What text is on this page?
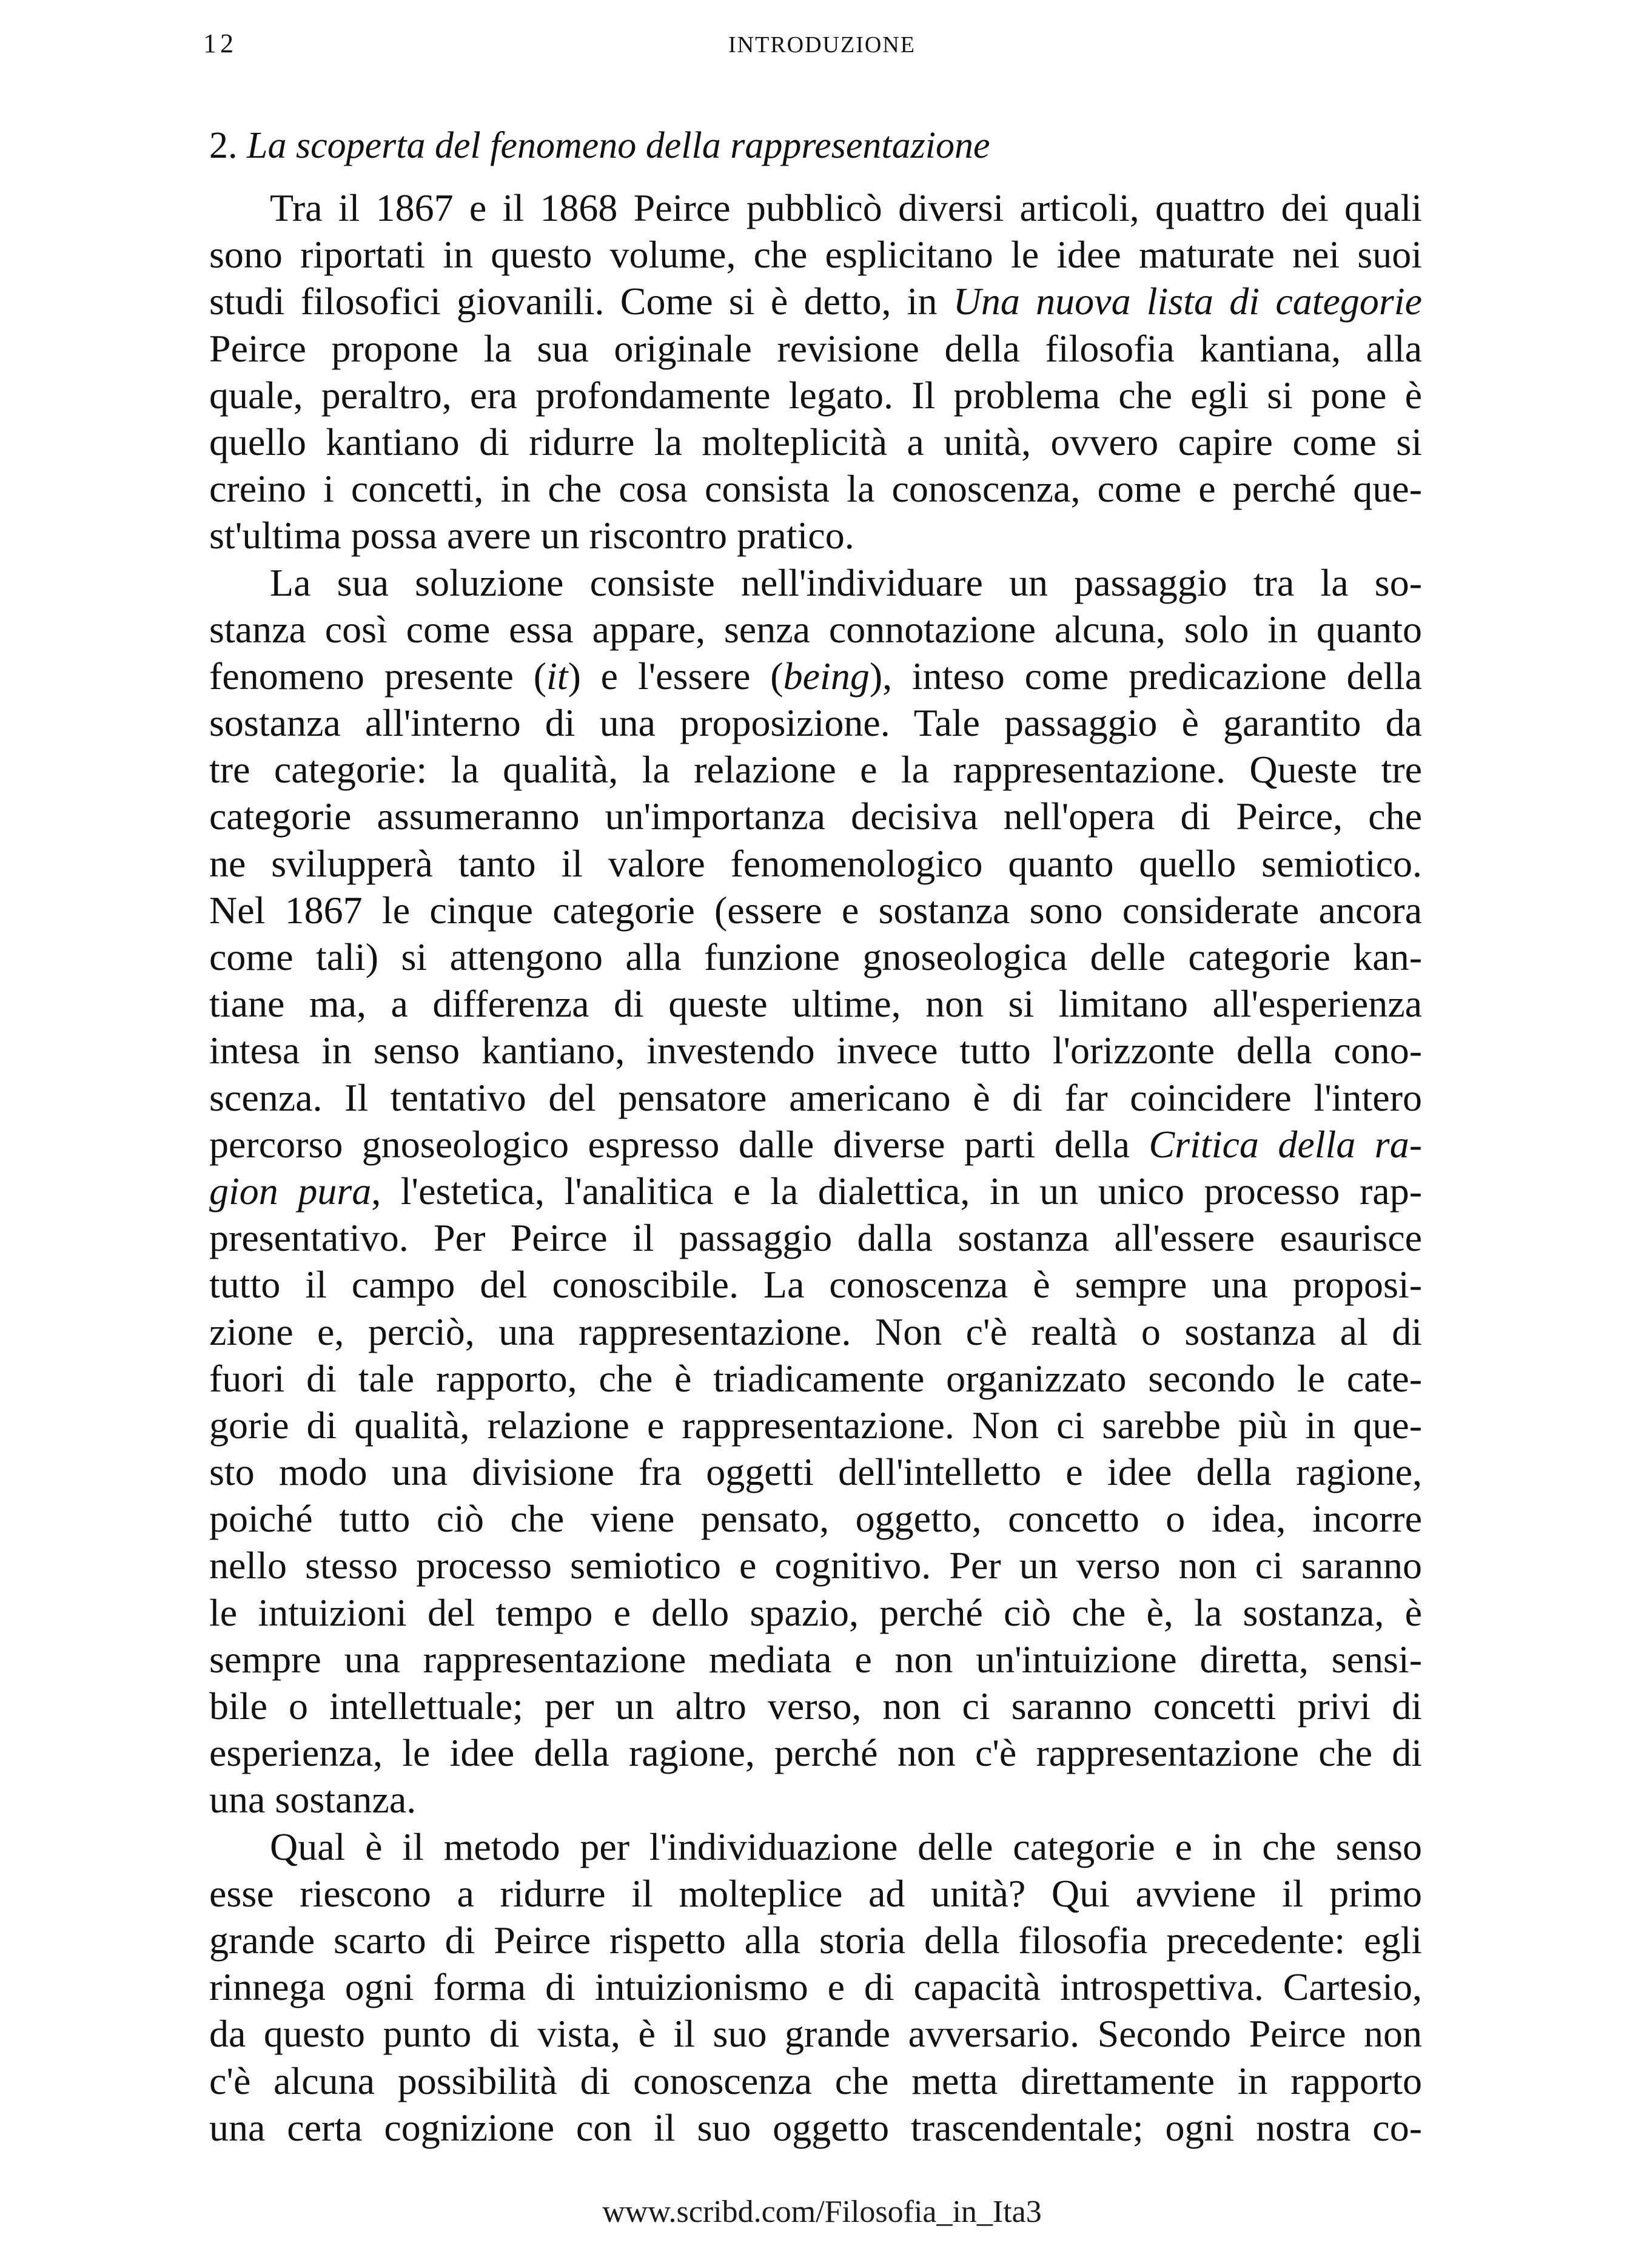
12	INTRODUZIONE
2. La scoperta del fenomeno della rappresentazione
Tra il 1867 e il 1868 Peirce pubblicò diversi articoli, quattro dei quali
sono riportati in questo volume, che esplicitano le idee maturate nei suoi
studi filosofici giovanili. Come si è detto, in Una nuova lista di categorie
Peirce propone la sua originale revisione della filosofia kantiana, alla
quale, peraltro, era profondamente legato. Il problema che egli si pone è
quello kantiano di ridurre la molteplicità a unità, ovvero capire come si
creino i concetti, in che cosa consista la conoscenza, come e perché que-
st'ultima possa avere un riscontro pratico.
La sua soluzione consiste nell'individuare un passaggio tra la so-
stanza così come essa appare, senza connotazione alcuna, solo in quanto
fenomeno presente (it) e l'essere (being), inteso come predicazione della
sostanza all'interno di una proposizione. Tale passaggio è garantito da
tre categorie: la qualità, la relazione e la rappresentazione. Queste tre
categorie assumeranno un'importanza decisiva nell'opera di Peirce, che
ne svilupperà tanto il valore fenomenologico quanto quello semiotico.
Nel 1867 le cinque categorie (essere e sostanza sono considerate ancora
come tali) si attengono alla funzione gnoseologica delle categorie kan-
tiane ma, a differenza di queste ultime, non si limitano all'esperienza
intesa in senso kantiano, investendo invece tutto l'orizzonte della cono-
scenza. Il tentativo del pensatore americano è di far coincidere l'intero
percorso gnoseologico espresso dalle diverse parti della Critica della ra-
gion pura, l'estetica, l'analitica e la dialettica, in un unico processo rap-
presentativo. Per Peirce il passaggio dalla sostanza all'essere esaurisce
tutto il campo del conoscibile. La conoscenza è sempre una proposi-
zione e, perciò, una rappresentazione. Non c'è realtà o sostanza al di
fuori di tale rapporto, che è triadicamente organizzato secondo le cate-
gorie di qualità, relazione e rappresentazione. Non ci sarebbe più in que-
sto modo una divisione fra oggetti dell'intelletto e idee della ragione,
poiché tutto ciò che viene pensato, oggetto, concetto o idea, incorre
nello stesso processo semiotico e cognitivo. Per un verso non ci saranno
le intuizioni del tempo e dello spazio, perché ciò che è, la sostanza, è
sempre una rappresentazione mediata e non un'intuizione diretta, sensi-
bile o intellettuale; per un altro verso, non ci saranno concetti privi di
esperienza, le idee della ragione, perché non c'è rappresentazione che di
una sostanza.
Qual è il metodo per l'individuazione delle categorie e in che senso
esse riescono a ridurre il molteplice ad unità? Qui avviene il primo
grande scarto di Peirce rispetto alla storia della filosofia precedente: egli
rinnega ogni forma di intuizionismo e di capacità introspettiva. Cartesio,
da questo punto di vista, è il suo grande avversario. Secondo Peirce non
c'è alcuna possibilità di conoscenza che metta direttamente in rapporto
una certa cognizione con il suo oggetto trascendentale; ogni nostra co-
www.scribd.com/Filosofia_in_Ita3
